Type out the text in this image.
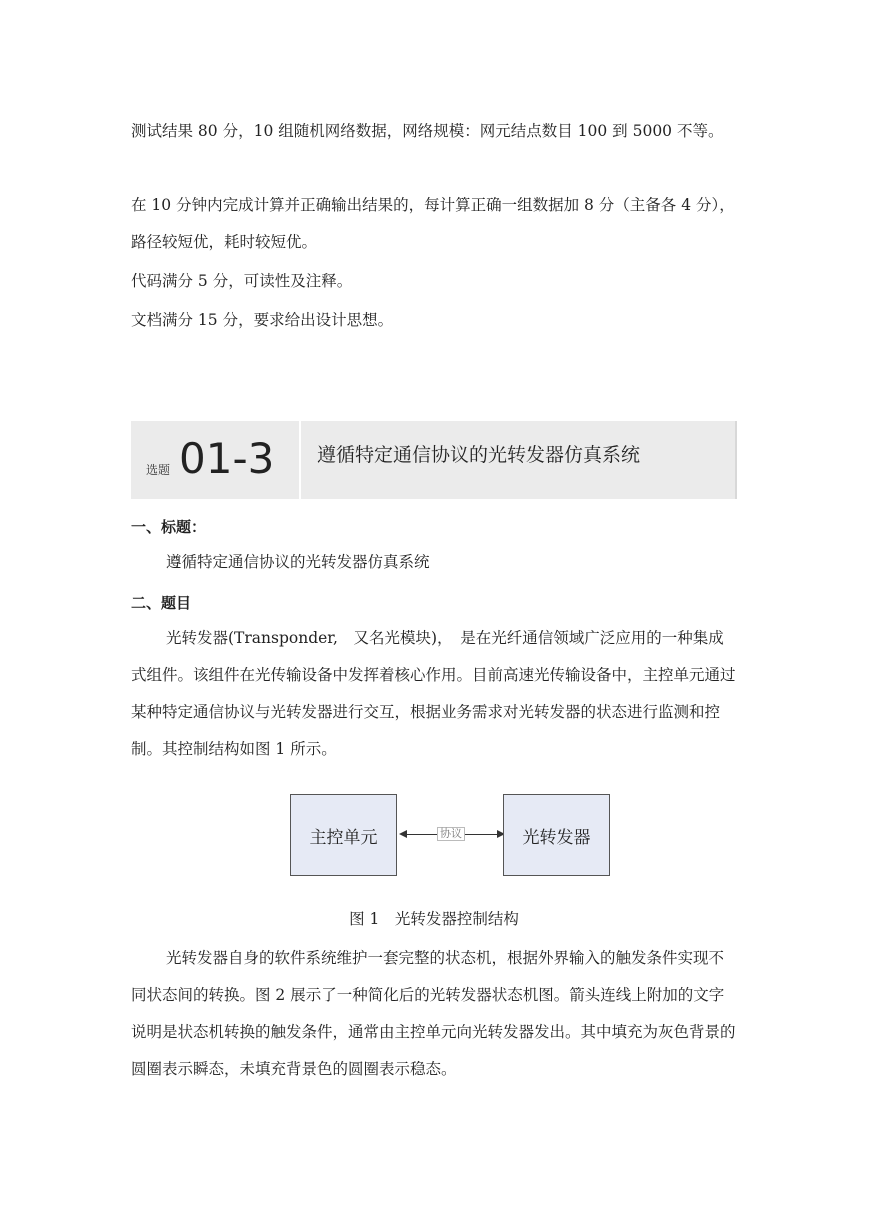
测试结果 80 分，10 组随机网络数据，网络规模：网元结点数目 100 到 5000 不等。

在 10 分钟内完成计算并正确输出结果的，每计算正确一组数据加 8 分（主备各 4 分），　路径较短优，耗时较短优。

代码满分 5 分，可读性及注释。

文档满分 15 分，要求给出设计思想。

选题 01-3 遵循特定通信协议的光转发器仿真系统

一、标题：

遵循特定通信协议的光转发器仿真系统

二、题目

光转发器(Transponder,　又名光模块)，　是在光纤通信领域广泛应用的一种集成式组件。该组件在光传输设备中发挥着核心作用。目前高速光传输设备中，主控单元通过某种特定通信协议与光转发器进行交互，根据业务需求对光转发器的状态进行监测和控制。其控制结构如图 1 所示。

主控单元	协议	光转发器

图 1　光转发器控制结构

光转发器自身的软件系统维护一套完整的状态机，根据外界输入的触发条件实现不同状态间的转换。图 2 展示了一种简化后的光转发器状态机图。箭头连线上附加的文字说明是状态机转换的触发条件，通常由主控单元向光转发器发出。其中填充为灰色背景的圆圈表示瞬态，未填充背景色的圆圈表示稳态。
